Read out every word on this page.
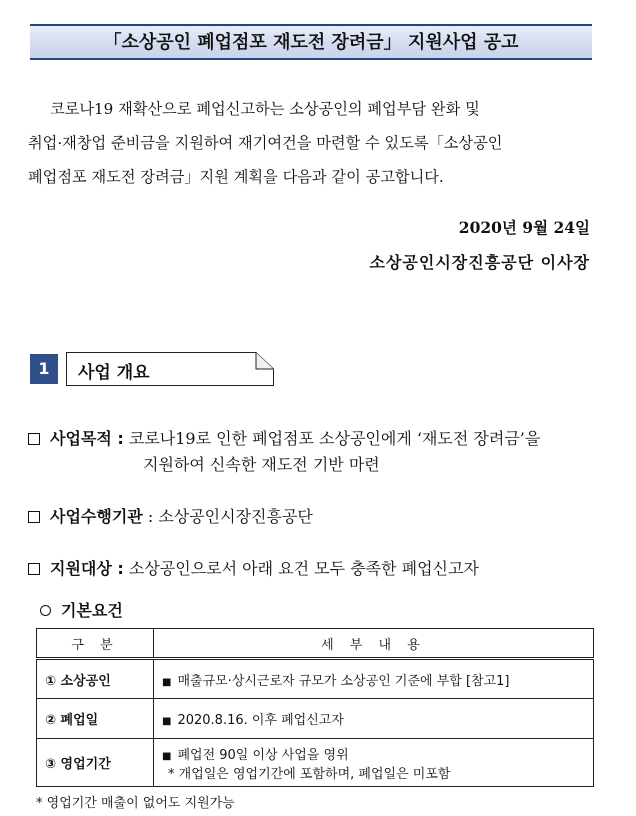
「소상공인 폐업점포 재도전 장려금」 지원사업 공고
코로나19 재확산으로 폐업신고하는 소상공인의 폐업부담 완화 및
취업·재창업 준비금을 지원하여 재기여건을 마련할 수 있도록「소상공인
폐업점포 재도전 장려금」지원 계획을 다음과 같이 공고합니다.
2020년 9월 24일
소상공인시장진흥공단 이사장
1	사업 개요
사업목적 : 코로나19로 인한 폐업점포 소상공인에게 ‘재도전 장려금’을
지원하여 신속한 재도전 기반 마련
사업수행기관 : 소상공인시장진흥공단
지원대상 : 소상공인으로서 아래 요건 모두 충족한 폐업신고자
기본요건
구 분	세 부 내 용
① 소상공인	■ 매출규모·상시근로자 규모가 소상공인 기준에 부합 [참고1]
② 폐업일	■ 2020.8.16. 이후 폐업신고자
③ 영업기간	■ 폐업전 90일 이상 사업을 영위
* 개업일은 영업기간에 포함하며, 폐업일은 미포함
* 영업기간 매출이 없어도 지원가능
